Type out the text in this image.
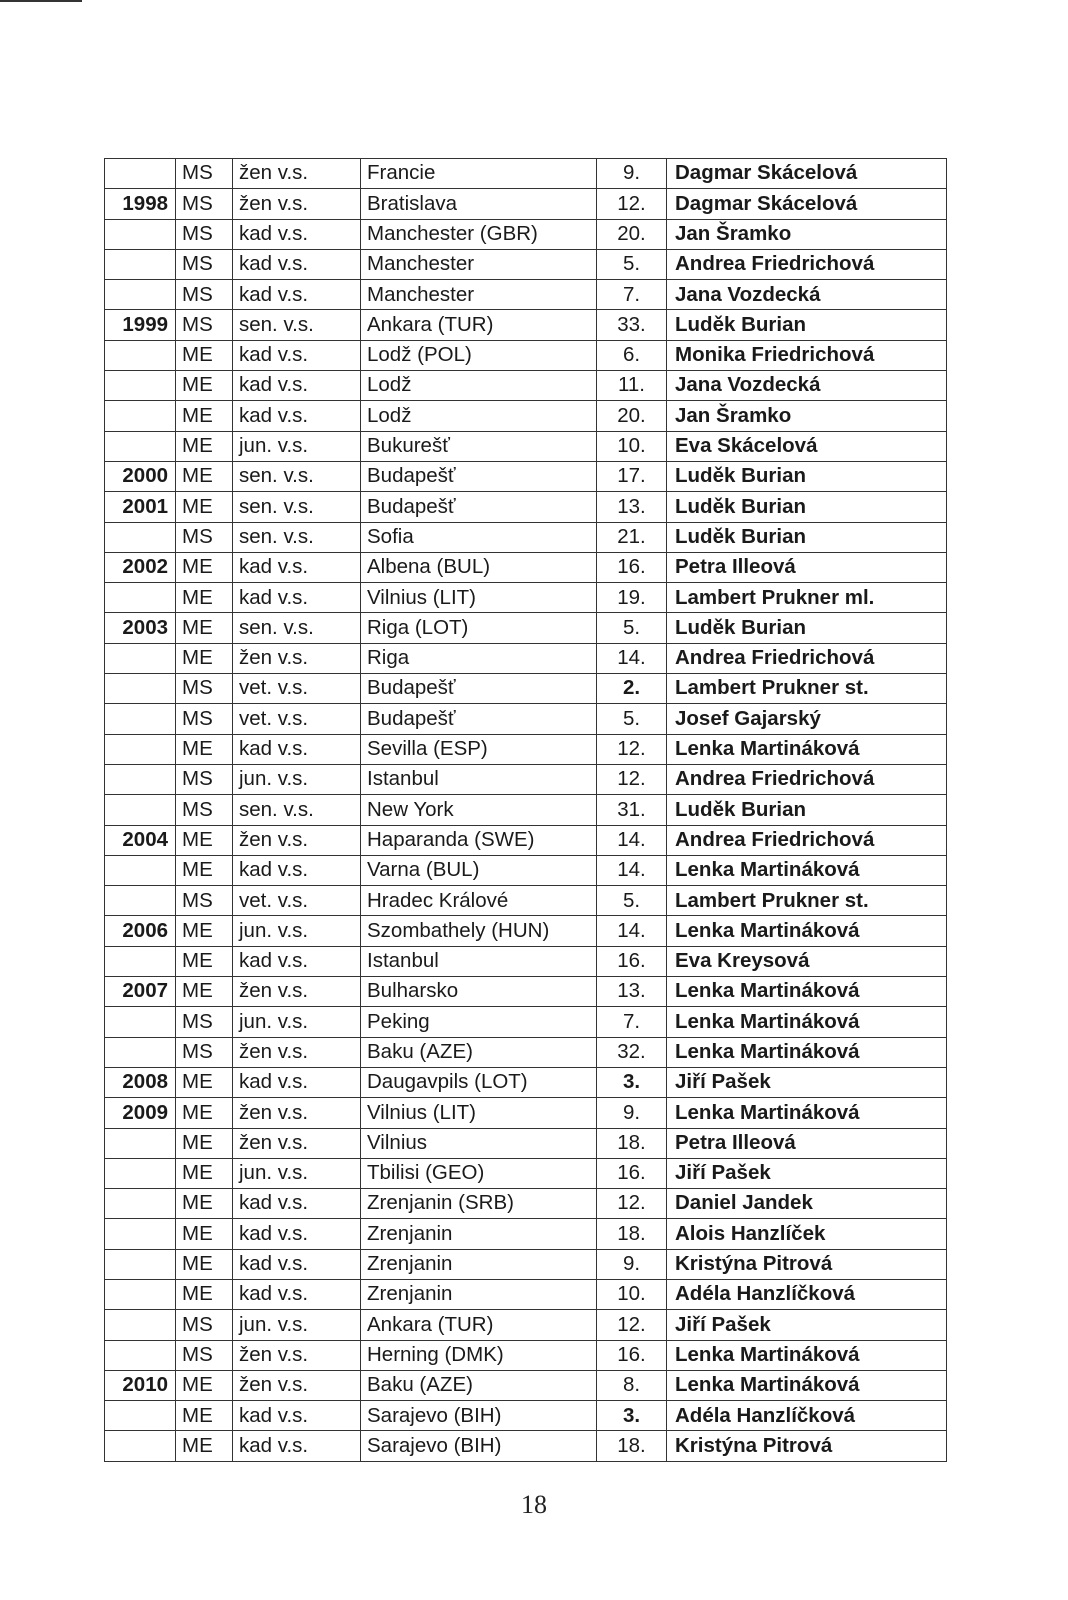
	MS	žen v.s.	Francie	9.	Dagmar Skácelová
1998	MS	žen v.s.	Bratislava	12.	Dagmar Skácelová
	MS	kad v.s.	Manchester (GBR)	20.	Jan Šramko
	MS	kad v.s.	Manchester	5.	Andrea Friedrichová
	MS	kad v.s.	Manchester	7.	Jana Vozdecká
1999	MS	sen. v.s.	Ankara (TUR)	33.	Luděk Burian
	ME	kad v.s.	Lodž (POL)	6.	Monika Friedrichová
	ME	kad v.s.	Lodž	11.	Jana Vozdecká
	ME	kad v.s.	Lodž	20.	Jan Šramko
	ME	jun. v.s.	Bukurešť	10.	Eva Skácelová
2000	ME	sen. v.s.	Budapešť	17.	Luděk Burian
2001	ME	sen. v.s.	Budapešť	13.	Luděk Burian
	MS	sen. v.s.	Sofia	21.	Luděk Burian
2002	ME	kad v.s.	Albena (BUL)	16.	Petra Illeová
	ME	kad v.s.	Vilnius (LIT)	19.	Lambert Prukner ml.
2003	ME	sen. v.s.	Riga (LOT)	5.	Luděk Burian
	ME	žen v.s.	Riga	14.	Andrea Friedrichová
	MS	vet. v.s.	Budapešť	2.	Lambert Prukner st.
	MS	vet. v.s.	Budapešť	5.	Josef Gajarský
	ME	kad v.s.	Sevilla (ESP)	12.	Lenka Martináková
	MS	jun. v.s.	Istanbul	12.	Andrea Friedrichová
	MS	sen. v.s.	New York	31.	Luděk Burian
2004	ME	žen v.s.	Haparanda (SWE)	14.	Andrea Friedrichová
	ME	kad v.s.	Varna (BUL)	14.	Lenka Martináková
	MS	vet. v.s.	Hradec Králové	5.	Lambert Prukner st.
2006	ME	jun. v.s.	Szombathely (HUN)	14.	Lenka Martináková
	ME	kad v.s.	Istanbul	16.	Eva Kreysová
2007	ME	žen v.s.	Bulharsko	13.	Lenka Martináková
	MS	jun. v.s.	Peking	7.	Lenka Martináková
	MS	žen v.s.	Baku (AZE)	32.	Lenka Martináková
2008	ME	kad v.s.	Daugavpils (LOT)	3.	Jiří Pašek
2009	ME	žen v.s.	Vilnius (LIT)	9.	Lenka Martináková
	ME	žen v.s.	Vilnius	18.	Petra Illeová
	ME	jun. v.s.	Tbilisi (GEO)	16.	Jiří Pašek
	ME	kad v.s.	Zrenjanin (SRB)	12.	Daniel Jandek
	ME	kad v.s.	Zrenjanin	18.	Alois Hanzlíček
	ME	kad v.s.	Zrenjanin	9.	Kristýna Pitrová
	ME	kad v.s.	Zrenjanin	10.	Adéla Hanzlíčková
	MS	jun. v.s.	Ankara (TUR)	12.	Jiří Pašek
	MS	žen v.s.	Herning (DMK)	16.	Lenka Martináková
2010	ME	žen v.s.	Baku (AZE)	8.	Lenka Martináková
	ME	kad v.s.	Sarajevo (BIH)	3.	Adéla Hanzlíčková
	ME	kad v.s.	Sarajevo (BIH)	18.	Kristýna Pitrová
18
